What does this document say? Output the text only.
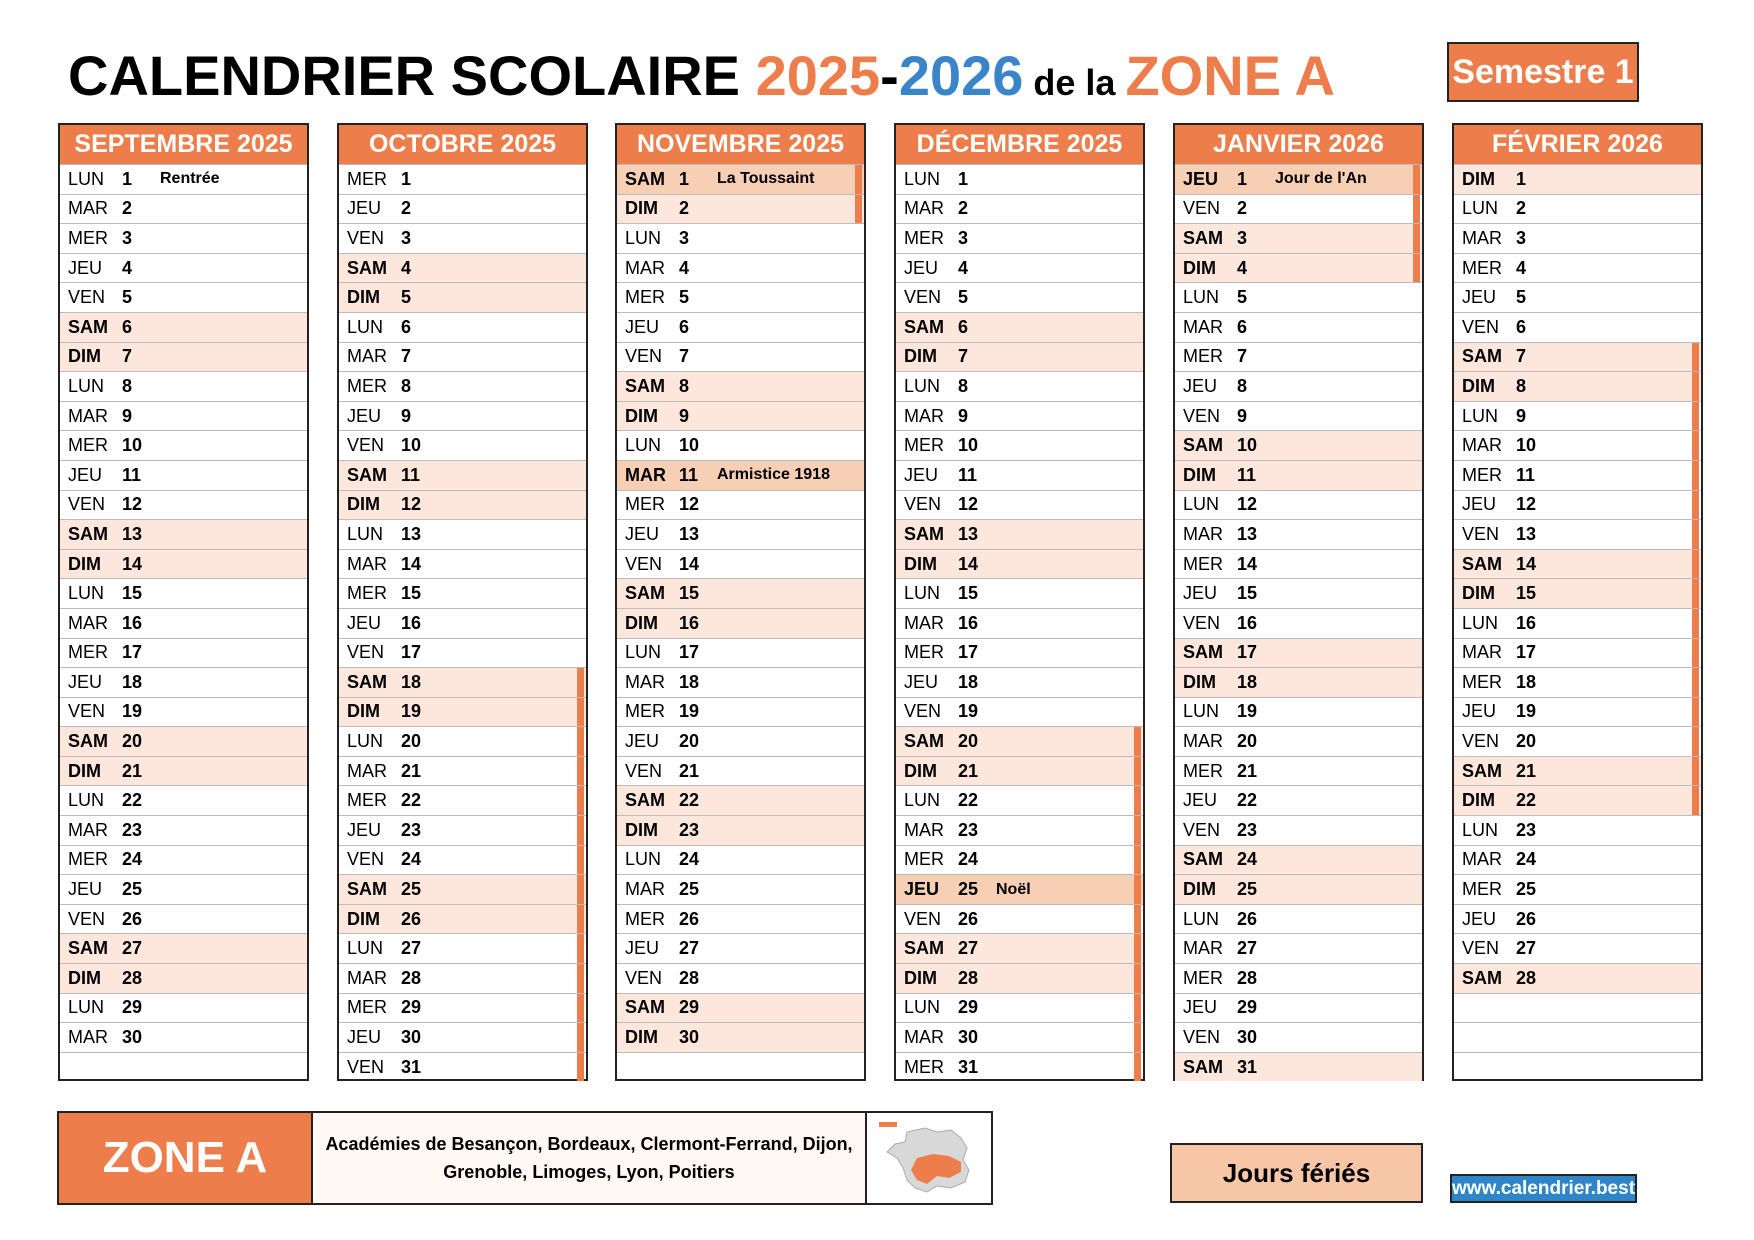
CALENDRIER SCOLAIRE 2025-2026 de la ZONE A	Semestre 1
SEPTEMBRE 2025
LUN 1	Rentrée
MAR 2
MER 3
JEU	4
VEN 5
SAM 6
DIM	7
LUN 8
MAR 9
MER 10
JEU	11
VEN 12
SAM 13
DIM	14
LUN 15
MAR 16
MER 17
JEU	18
VEN 19
SAM 20
DIM	21
LUN 22
MAR 23
MER 24
JEU	25
VEN 26
SAM 27
DIM	28
LUN 29
MAR 30
OCTOBRE 2025
MER 1
JEU	2
VEN 3
SAM 4
DIM	5
LUN 6
MAR 7
MER 8
JEU	9
VEN 10
SAM 11
DIM	12
LUN 13
MAR 14
MER 15
JEU	16
VEN 17
SAM 18
DIM	19
LUN 20
MAR 21
MER 22
JEU	23
VEN 24
SAM 25
DIM	26
LUN 27
MAR 28
MER 29
JEU	30
VEN 31
NOVEMBRE 2025
SAM 1	La Toussaint
DIM	2
LUN 3
MAR 4
MER 5
JEU	6
VEN 7
SAM 8
DIM	9
LUN 10
MAR 11	Armistice 1918
MER 12
JEU	13
VEN 14
SAM 15
DIM	16
LUN 17
MAR 18
MER 19
JEU	20
VEN 21
SAM 22
DIM	23
LUN 24
MAR 25
MER 26
JEU	27
VEN 28
SAM 29
DIM	30
DÉCEMBRE 2025
LUN 1
MAR 2
MER 3
JEU	4
VEN 5
SAM 6
DIM	7
LUN 8
MAR 9
MER 10
JEU	11
VEN 12
SAM 13
DIM	14
LUN 15
MAR 16
MER 17
JEU	18
VEN 19
SAM 20
DIM	21
LUN 22
MAR 23
MER 24
JEU	25	Noël
VEN 26
SAM 27
DIM	28
LUN 29
MAR 30
MER 31
JANVIER 2026
JEU	1	Jour de l'An
VEN 2
SAM 3
DIM	4
LUN 5
MAR 6
MER 7
JEU	8
VEN 9
SAM 10
DIM	11
LUN 12
MAR 13
MER 14
JEU	15
VEN 16
SAM 17
DIM	18
LUN 19
MAR 20
MER 21
JEU	22
VEN 23
SAM 24
DIM	25
LUN 26
MAR 27
MER 28
JEU	29
VEN 30
SAM 31
FÉVRIER 2026
DIM	1
LUN 2
MAR 3
MER 4
JEU	5
VEN 6
SAM 7
DIM	8
LUN 9
MAR 10
MER 11
JEU	12
VEN 13
SAM 14
DIM	15
LUN 16
MAR 17
MER 18
JEU	19
VEN 20
SAM 21
DIM	22
LUN 23
MAR 24
MER 25
JEU	26
VEN 27
SAM 28
ZONE A	Académies de Besançon, Bordeaux, Clermont-Ferrand, Dijon,
Grenoble, Limoges, Lyon, Poitiers	Jours fériés
www.calendrier.best
